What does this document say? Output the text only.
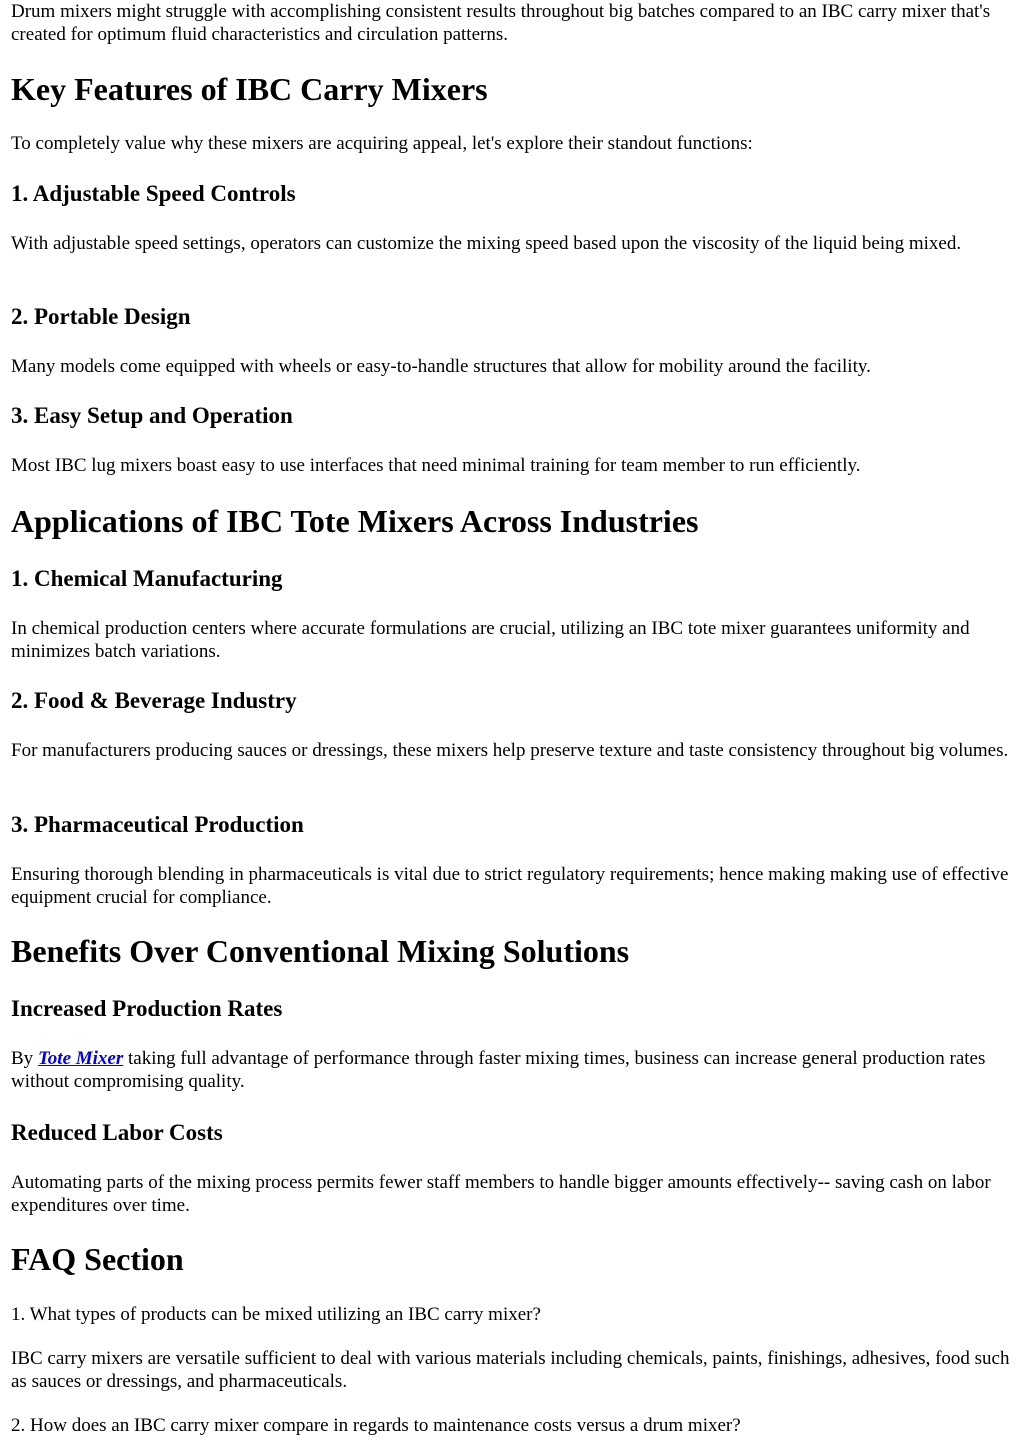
Drum mixers might struggle with accomplishing consistent results throughout big batches compared to an IBC carry mixer that's created for optimum fluid characteristics and circulation patterns.

Key Features of IBC Carry Mixers

To completely value why these mixers are acquiring appeal, let's explore their standout functions:

1. Adjustable Speed Controls

With adjustable speed settings, operators can customize the mixing speed based upon the viscosity of the liquid being mixed.

2. Portable Design

Many models come equipped with wheels or easy-to-handle structures that allow for mobility around the facility.

3. Easy Setup and Operation

Most IBC lug mixers boast easy to use interfaces that need minimal training for team member to run efficiently.

Applications of IBC Tote Mixers Across Industries
1. Chemical Manufacturing

In chemical production centers where accurate formulations are crucial, utilizing an IBC tote mixer guarantees uniformity and minimizes batch variations.

2. Food & Beverage Industry

For manufacturers producing sauces or dressings, these mixers help preserve texture and taste consistency throughout big volumes.

3. Pharmaceutical Production

Ensuring thorough blending in pharmaceuticals is vital due to strict regulatory requirements; hence making making use of effective equipment crucial for compliance.

Benefits Over Conventional Mixing Solutions
Increased Production Rates

By Tote Mixer taking full advantage of performance through faster mixing times, business can increase general production rates without compromising quality.

Reduced Labor Costs

Automating parts of the mixing process permits fewer staff members to handle bigger amounts effectively-- saving cash on labor expenditures over time.

FAQ Section

1. What types of products can be mixed utilizing an IBC carry mixer?

IBC carry mixers are versatile sufficient to deal with various materials including chemicals, paints, finishings, adhesives, food such as sauces or dressings, and pharmaceuticals.

2. How does an IBC carry mixer compare in regards to maintenance costs versus a drum mixer?
